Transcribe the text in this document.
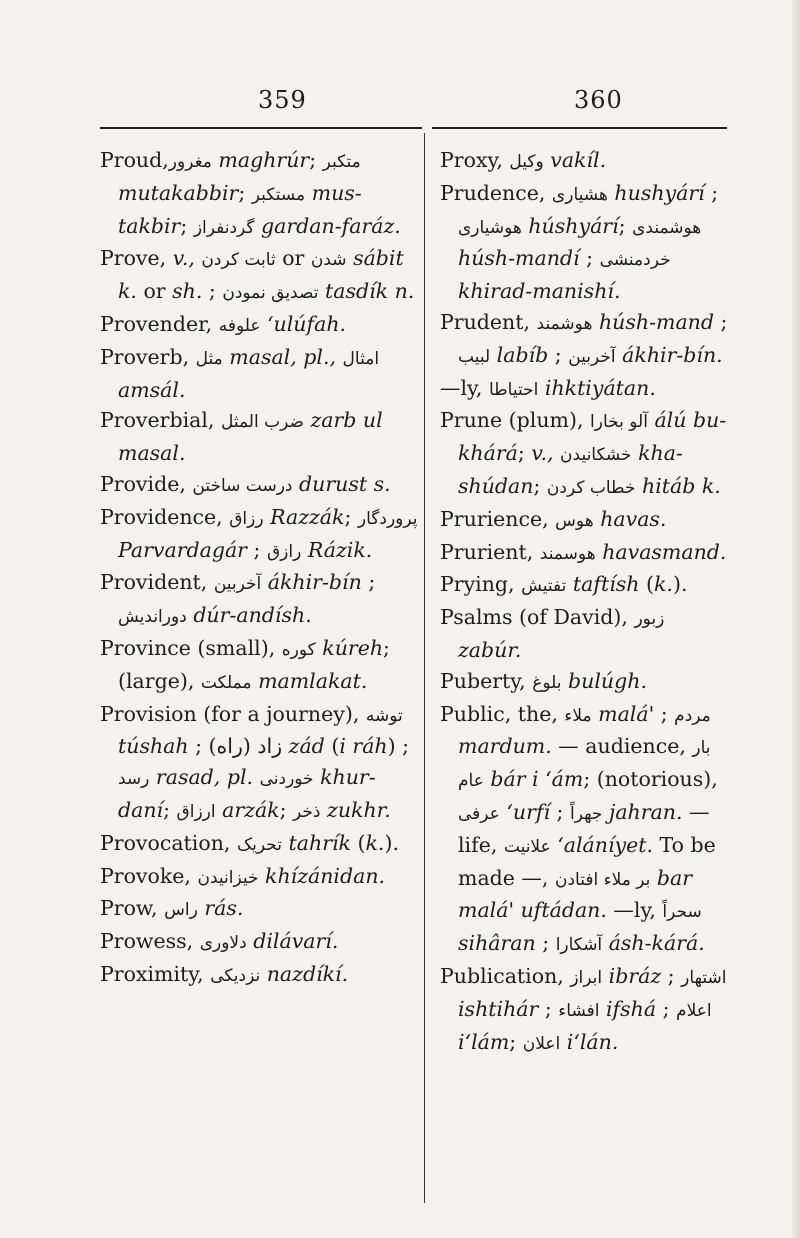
359	360

Proud,مغرور maghrúr; متکبر mutakabbir; مستکبر mus-takbir; گردنفراز gardan-faráz.

Prove, v., ثابت کردن or شدن sábit k. or sh. ; تصدیق نمودن tasdík n.

Provender, علوفه ʻulúfah.

Proverb, مثل masal, pl., امثال amsál.

Proverbial, ضرب المثل zarb ul masal.

Provide, درست ساختن durust s.

Providence, رزاق Razzák; پروردگار Parvardagár ; رازق Rázik.

Provident, آخربین ákhir-bín ; دوراندیش dúr-andísh.

Province (small), کوره kúreh; (large), مملکت mamlakat.

Provision (for a journey), توشه túshah ; (راه) زاد zád (i ráh) ; رسد rasad, pl. خوردنی khur-daní; ارزاق arzák; ذخر zukhr.

Provocation, تحریک tahrík (k.).

Provoke, خیزانیدن khízánidan.

Prow, راس rás.

Prowess, دلاوری dilávarí.

Proximity, نزدیکی nazdíkí.

Proxy, وکیل vakíl.

Prudence, هشیاری hushyárí ; هوشیاری húshyárí; هوشمندی húsh-mandí ; خردمنشی khirad-manishí.

Prudent, هوشمند húsh-mand ; لبیب labíb ; آخربین ákhir-bín.

—ly, احتیاطا ihktiyátan.

Prune (plum), آلو بخارا álú bu-khárá; v., خشکانیدن kha-shúdan; خطاب کردن hitáb k.

Prurience, هوس havas.

Prurient, هوسمند havasmand.

Prying, تفتیش taftísh (k.).

Psalms (of David), زبور zabúr.

Puberty, بلوغ bulúgh.

Public, the, ملاء malá' ; مردم mardum. — audience, بار عام bár i ʻám; (notorious), عرفی ʻurfí ; جهراً jahran. — life, علانیت ʻaláníyet. To be made —, بر ملاء افتادن bar malá' uftádan. —ly, سحراً sihâran ; آشکارا ásh-kárá.

Publication, ابراز ibráz ; اشتهار ishtihár ; افشاء ifshá ; اعلام iʻlám; اعلان iʻlán.
